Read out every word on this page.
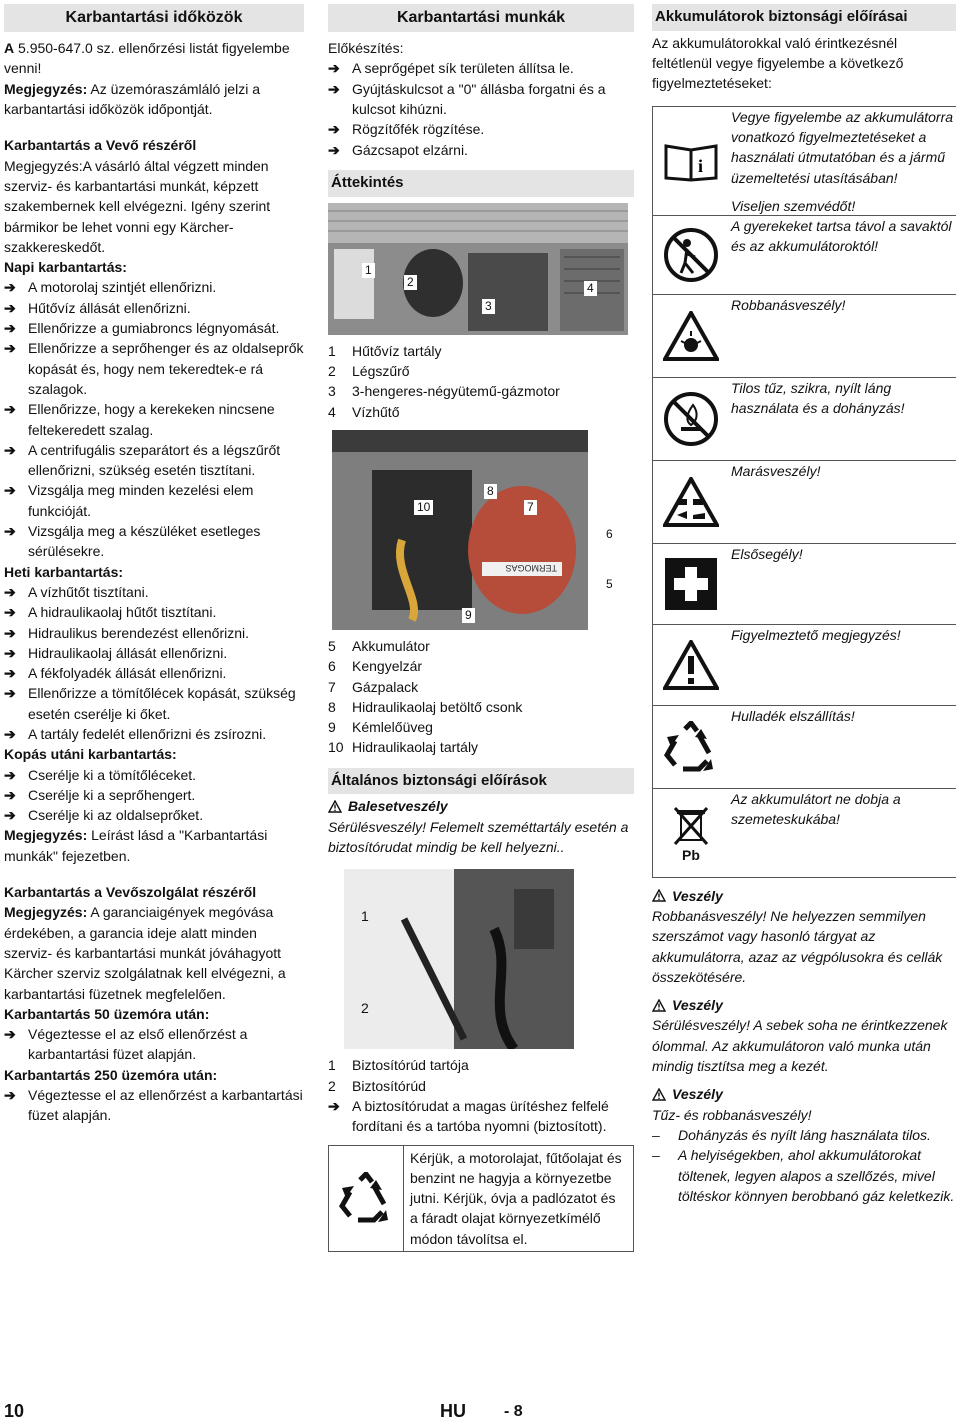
Karbantartási időközök

A 5.950-647.0 sz. ellenőrzési listát figyelembe venni!

Megjegyzés: Az üzemóraszámláló jelzi a karbantartási időközök időpontját.

Karbantartás a Vevő részéről

Megjegyzés:A vásárló által végzett minden szerviz- és karbantartási munkát, képzett szakembernek kell elvégezni. Igény szerint bármikor be lehet vonni egy Kärcher-szakkereskedőt.

Napi karbantartás:
➔ A motorolaj szintjét ellenőrizni.
➔ Hűtővíz állását ellenőrizni.
➔ Ellenőrizze a gumiabroncs légnyomását.
➔ Ellenőrizze a seprőhenger és az oldalseprők kopását és, hogy nem tekeredtek-e rá szalagok.
➔ Ellenőrizze, hogy a kerekeken nincsene feltekeredett szalag.
➔ A centrifugális szeparátort és a légszűrőt ellenőrizni, szükség esetén tisztítani.
➔ Vizsgálja meg minden kezelési elem funkcióját.
➔ Vizsgálja meg a készüléket esetleges sérülésekre.
Heti karbantartás:
➔ A vízhűtőt tisztítani.
➔ A hidraulikaolaj hűtőt tisztítani.
➔ Hidraulikus berendezést ellenőrizni.
➔ Hidraulikaolaj állását ellenőrizni.
➔ A fékfolyadék állását ellenőrizni.
➔ Ellenőrizze a tömítőlécek kopását, szükség esetén cserélje ki őket.
➔ A tartály fedelét ellenőrizni és zsírozni.
Kopás utáni karbantartás:
➔ Cserélje ki a tömítőléceket.
➔ Cserélje ki a seprőhengert.
➔ Cserélje ki az oldalseprőket.

Megjegyzés: Leírást lásd a "Karbantartási munkák" fejezetben.

Karbantartás a Vevőszolgálat részéről

Megjegyzés: A garanciaigények megóvása érdekében, a garancia ideje alatt minden szerviz- és karbantartási munkát jóváhagyott Kärcher szerviz szolgálatnak kell elvégezni, a karbantartási füzetnek megfelelően.

Karbantartás 50 üzemóra után:
➔ Végeztesse el az első ellenőrzést a karbantartási füzet alapján.
Karbantartás 250 üzemóra után:
➔ Végeztesse el az ellenőrzést a karbantartási füzet alapján.
Karbantartási munkák
Előkészítés:
➔ A seprőgépet sík területen állítsa le.
➔ Gyújtáskulcsot a "0" állásba forgatni és a kulcsot kihúzni.
➔ Rögzítőfék rögzítése.
➔ Gázcsapot elzárni.
Áttekintés
1
2
3
4
1	Hűtővíz tartály
2	Légszűrő
3	3-hengeres-négyütemű-gázmotor
4	Vízhűtő
TERMOGAS
10
8
7
9
6
5
5	Akkumulátor
6	Kengyelzár
7	Gázpalack
8	Hidraulikaolaj betöltő csonk
9	Kémlelőüveg
10 Hidraulikaolaj tartály
Általános biztonsági előírások
Balesetveszély

Sérülésveszély! Felemelt szeméttartály esetén a biztosítórudat mindig be kell helyezni..

1
2
1	Biztosítórúd tartója
2	Biztosítórúd
➔ A biztosítórudat a magas ürítéshez felfelé fordítani és a tartóba nyomni (biztosított).
Kérjük, a motorolajat, fűtőolajat és benzint ne hagyja a környezetbe jutni. Kérjük, óvja a padlózatot és a fáradt olajat környezetkímélő módon távolítsa el.
Akkumulátorok biztonsági előírásai

Az akkumulátorokkal való érintkezésnél feltétlenül vegye figyelembe a következő figyelmeztetéseket:

i
Vegye figyelembe az akkumulátorra vonatkozó figyelmeztetéseket a használati útmutatóban és a jármű üzemeltetési utasításában!
Viseljen szemvédőt!
A gyerekeket tartsa távol a savaktól és az akkumulátoroktól!
Robbanásveszély!
Tilos tűz, szikra, nyílt láng használata és a dohányzás!
Marásveszély!
Elsősegély!
Figyelmeztető megjegyzés!
Hulladék elszállítás!
Pb
Az akkumulátort ne dobja a szemeteskukába!
Veszély

Robbanásveszély! Ne helyezzen semmilyen szerszámot vagy hasonló tárgyat az akkumulátorra, azaz az végpólusokra és cellák összekötésére.

Veszély

Sérülésveszély! A sebek soha ne érintkezzenek ólommal. Az akkumulátoron való munka után mindig tisztítsa meg a kezét.

Veszély

Tűz- és robbanásveszély!

–	Dohányzás és nyílt láng használata tilos.
–	A helyiségekben, ahol akkumulátorokat töltenek, legyen alapos a szellőzés, mivel töltéskor könnyen berobbanó gáz keletkezik.
10	HU - 8
